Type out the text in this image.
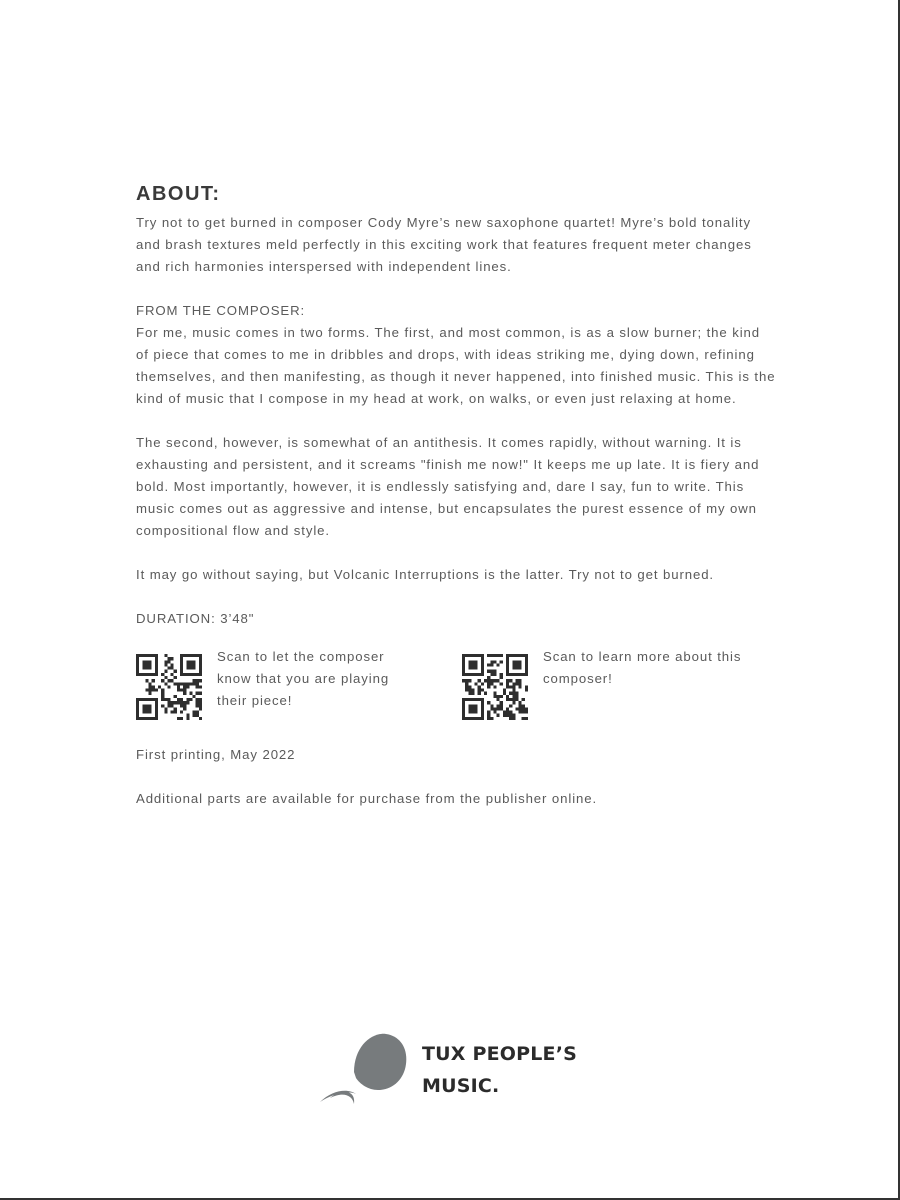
ABOUT:

Try not to get burned in composer Cody Myre’s new saxophone quartet! Myre’s bold tonality and brash textures meld perfectly in this exciting work that features frequent meter changes and rich harmonies interspersed with independent lines.

FROM THE COMPOSER:

For me, music comes in two forms. The first, and most common, is as a slow burner; the kind of piece that comes to me in dribbles and drops, with ideas striking me, dying down, refining themselves, and then manifesting, as though it never happened, into finished music. This is the kind of music that I compose in my head at work, on walks, or even just relaxing at home.

The second, however, is somewhat of an antithesis. It comes rapidly, without warning. It is exhausting and persistent, and it screams "finish me now!" It keeps me up late. It is fiery and bold. Most importantly, however, it is endlessly satisfying and, dare I say, fun to write. This music comes out as aggressive and intense, but encapsulates the purest essence of my own compositional flow and style.

It may go without saying, but Volcanic Interruptions is the latter. Try not to get burned.

DURATION: 3’48"

Scan to let the composer know that you are playing their piece!
Scan to learn more about this composer!

First printing, May 2022

Additional parts are available for purchase from the publisher online.

TUX PEOPLE’S
MUSIC.
